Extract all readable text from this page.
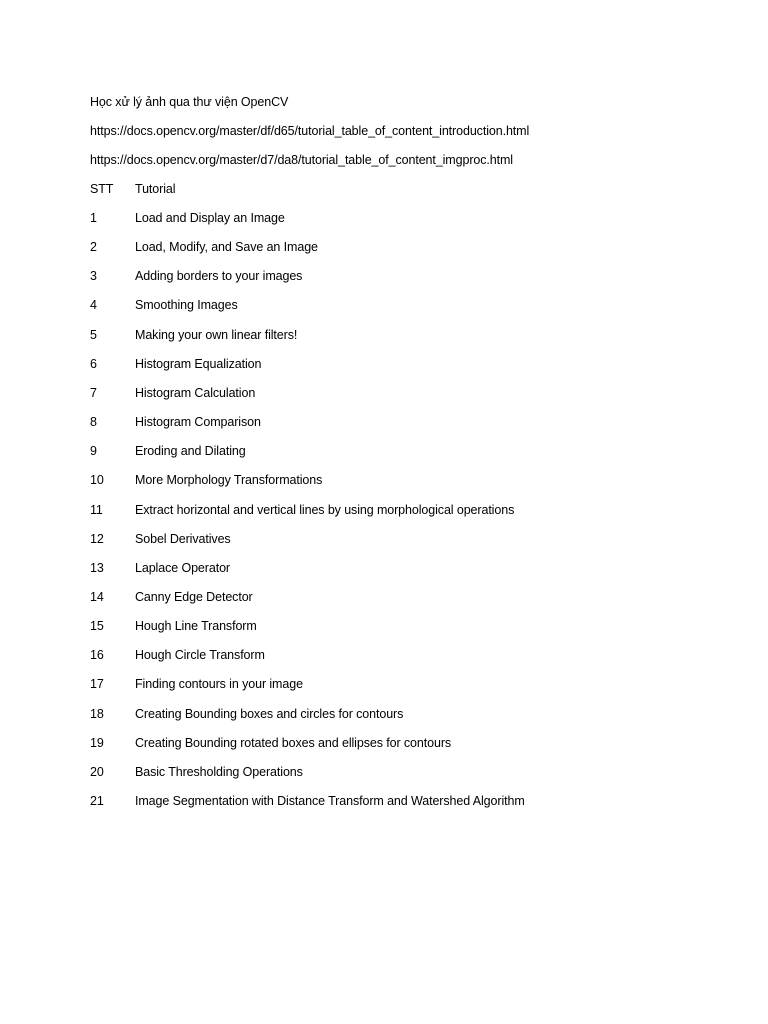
Học xử lý ảnh qua thư viện OpenCV
https://docs.opencv.org/master/df/d65/tutorial_table_of_content_introduction.html
https://docs.opencv.org/master/d7/da8/tutorial_table_of_content_imgproc.html
STT Tutorial
1	Load and Display an Image
2	Load, Modify, and Save an Image
3	Adding borders to your images
4	Smoothing Images
5	Making your own linear filters!
6	Histogram Equalization
7	Histogram Calculation
8	Histogram Comparison
9	Eroding and Dilating
10	More Morphology Transformations
11	Extract horizontal and vertical lines by using morphological operations
12	Sobel Derivatives
13	Laplace Operator
14	Canny Edge Detector
15	Hough Line Transform
16	Hough Circle Transform
17	Finding contours in your image
18	Creating Bounding boxes and circles for contours
19	Creating Bounding rotated boxes and ellipses for contours
20	Basic Thresholding Operations
21	Image Segmentation with Distance Transform and Watershed Algorithm
